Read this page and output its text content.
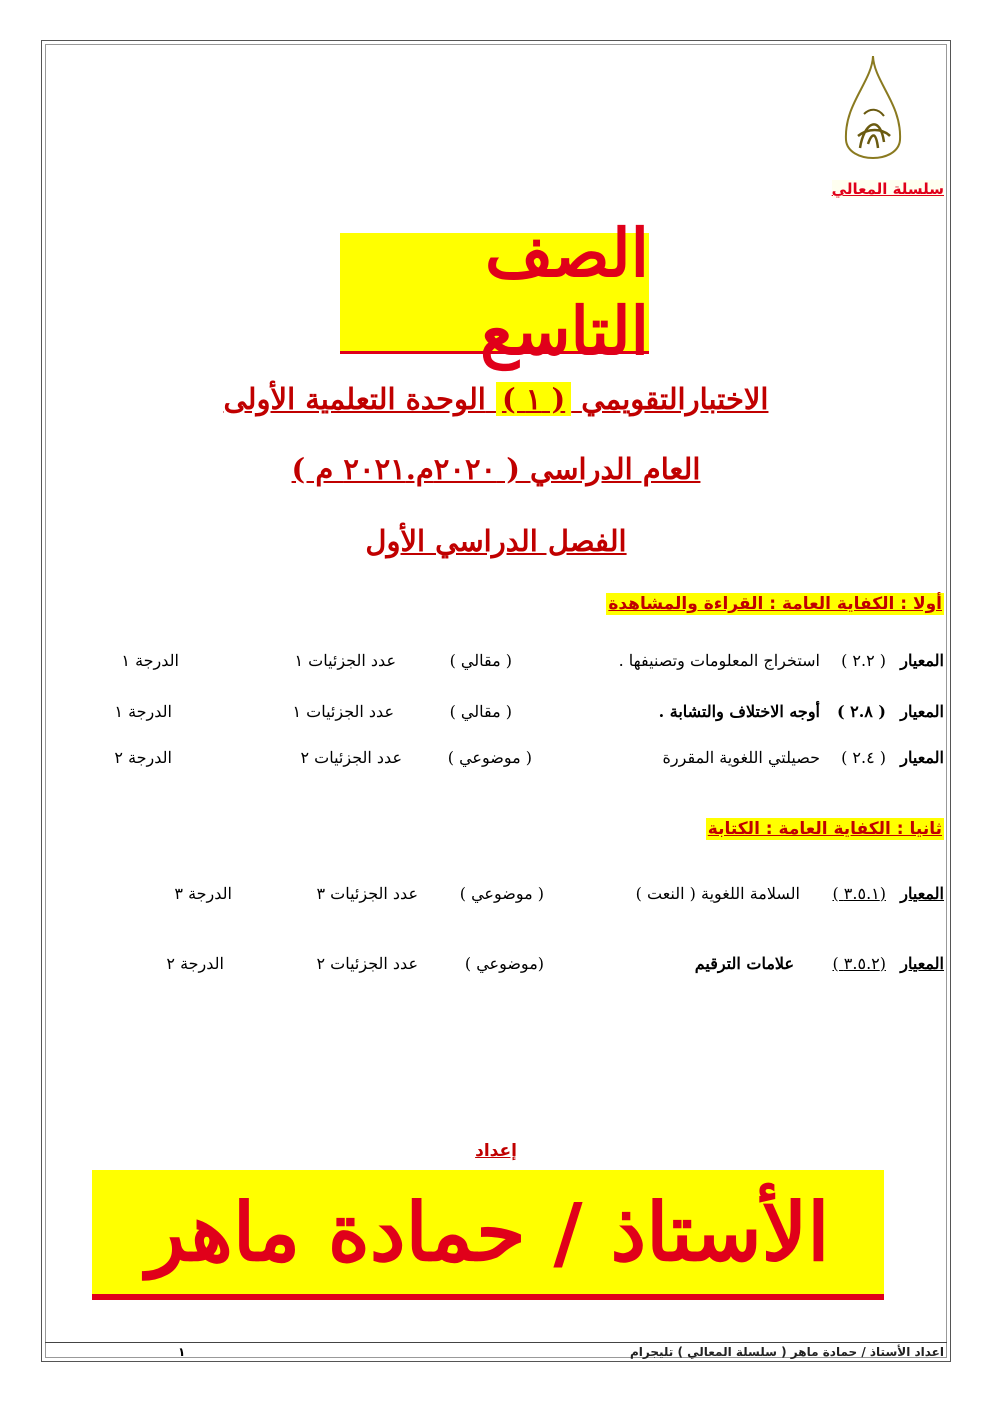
سلسلة المعالي
الصف التاسع
الاختبارالتقويمي ( ١ ) الوحدة التعلمية الأولى
العام الدراسي ( ٢٠٢٠م.٢٠٢١ م )
الفصل الدراسي الأول
أولا : الكفاية العامة : القراءة والمشاهدة
المعيار
( ٢.٢ )
استخراج المعلومات وتصنيفها .
( مقالي )
عدد الجزئيات ١
الدرجة ١
المعيار
( ٢.٨ )
أوجه الاختلاف والتشابة .
( مقالي )
عدد الجزئيات ١
الدرجة ١
المعيار
( ٢.٤ )
حصيلتي اللغوية المقررة
( موضوعي )
عدد الجزئيات ٢
الدرجة ٢
ثانيا : الكفاية العامة : الكتابة
المعيار
(٣.٥.١ )
السلامة اللغوية ( النعت )
( موضوعي )
عدد الجزئيات ٣
الدرجة ٣
المعيار
(٣.٥.٢ )
علامات الترقيم
(موضوعي )
عدد الجزئيات ٢
الدرجة ٢
إعداد
الأستاذ / حمادة ماهر
اعداد الأستاذ / حمادة ماهر ( سلسلة المعالي ) تليجرام
١
